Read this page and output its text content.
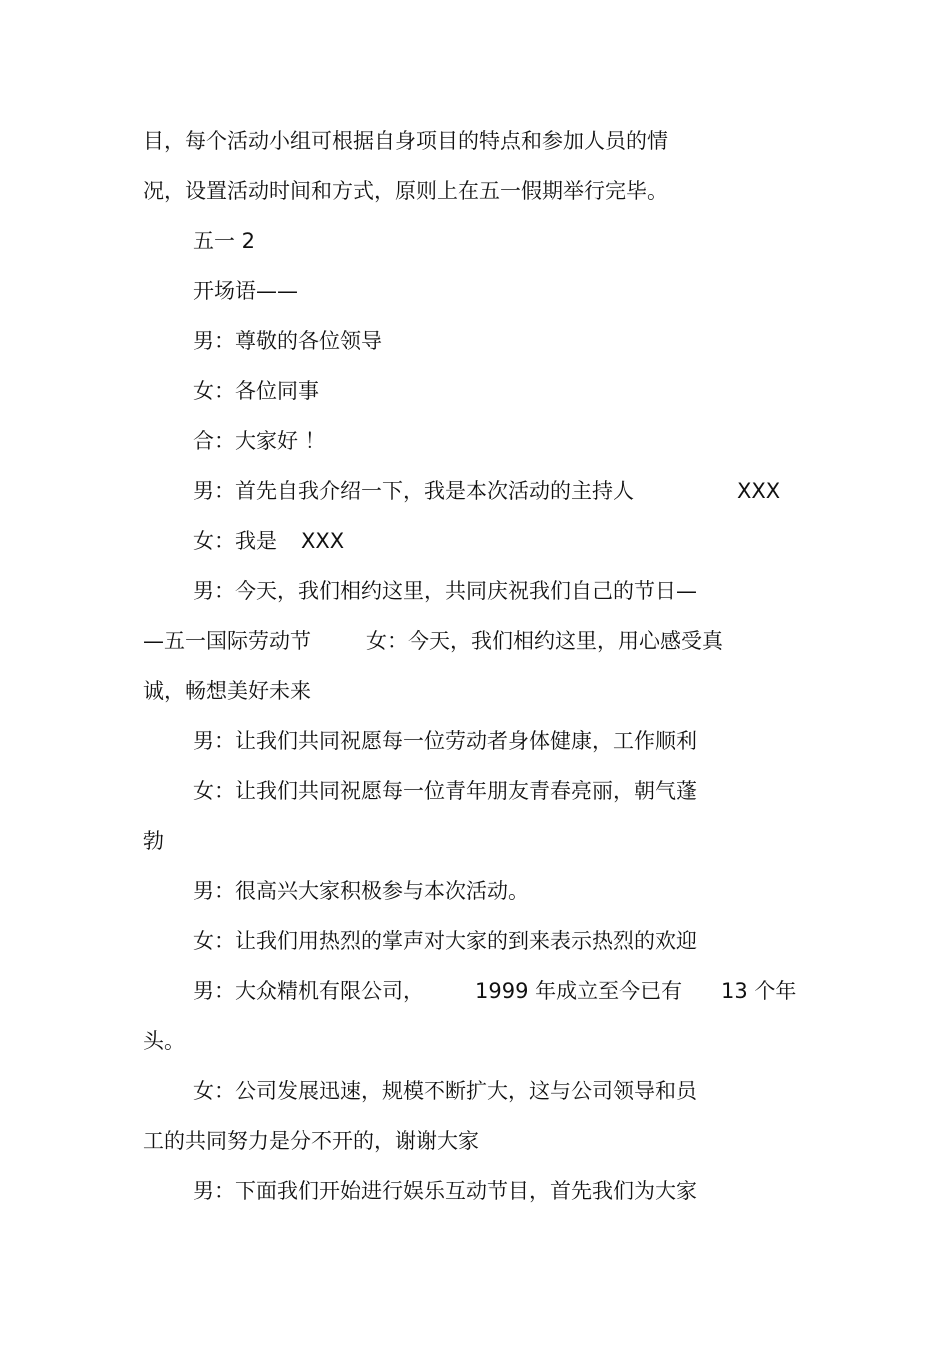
目，每个活动小组可根据自身项目的特点和参加人员的情
况，设置活动时间和方式，原则上在五一假期举行完毕。
五一 2
开场语——
男：尊敬的各位领导
女：各位同事
合：大家好 ！

男：首先自我介绍一下，我是本次活动的主持人

	XXX

女：我是

XXX

男：今天，我们相约这里，共同庆祝我们自己的节日—

—五一国际劳动节

	女：今天，我们相约这里，用心感受真

诚，畅想美好未来
男：让我们共同祝愿每一位劳动者身体健康，工作顺利
女：让我们共同祝愿每一位青年朋友青春亮丽，朝气蓬
勃
男：很高兴大家积极参与本次活动。
女：让我们用热烈的掌声对大家的到来表示热烈的欢迎

男：大众精机有限公司，

1999 年成立至今已有

13 个年

头。
女：公司发展迅速，规模不断扩大，这与公司领导和员
工的共同努力是分不开的，谢谢大家
男：下面我们开始进行娱乐互动节目，首先我们为大家
